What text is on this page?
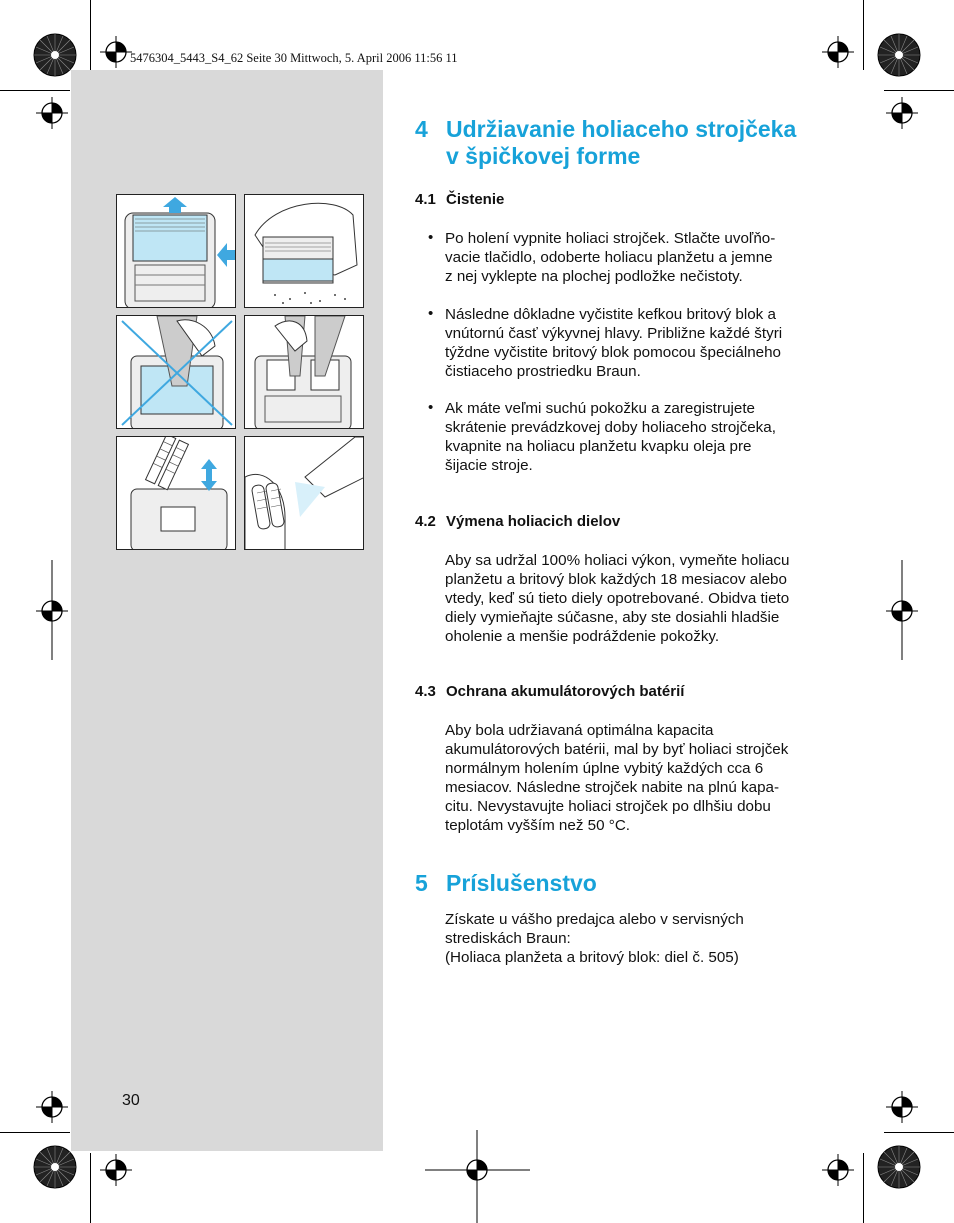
5476304_5443_S4_62 Seite 30 Mittwoch, 5. April 2006 11:56 11
4 Udržiavanie holiaceho strojčeka
v špičkovej forme
4.1 Čistenie
• Po holení vypnite holiaci strojček. Stlačte uvoľňo-
vacie tlačidlo, odoberte holiacu planžetu a jemne
z nej vyklepte na plochej podložke nečistoty.
• Následne dôkladne vyčistite kefkou britový blok a
vnútornú časť výkyvnej hlavy. Približne každé štyri
týždne vyčistite britový blok pomocou špeciálneho
čistiaceho prostriedku Braun.
• Ak máte veľmi suchú pokožku a zaregistrujete
skrátenie prevádzkovej doby holiaceho strojčeka,
kvapnite na holiacu planžetu kvapku oleja pre
šijacie stroje.
4.2 Výmena holiacich dielov
Aby sa udržal 100% holiaci výkon, vymeňte holiacu
planžetu a britový blok každých 18 mesiacov alebo
vtedy, keď sú tieto diely opotrebované. Obidva tieto
diely vymieňajte súčasne, aby ste dosiahli hladšie
oholenie a menšie podráždenie pokožky.
4.3 Ochrana akumulátorových batérií
Aby bola udržiavaná optimálna kapacita
akumulátorových batérii, mal by byť holiaci strojček
normálnym holením úplne vybitý každých cca 6
mesiacov. Následne strojček nabite na plnú kapa-
citu. Nevystavujte holiaci strojček po dlhšiu dobu
teplotám vyšším než 50 °C.
5 Príslušenstvo
Získate u vášho predajca alebo v servisných
strediskách Braun:
(Holiaca planžeta a britový blok: diel č. 505)
30
